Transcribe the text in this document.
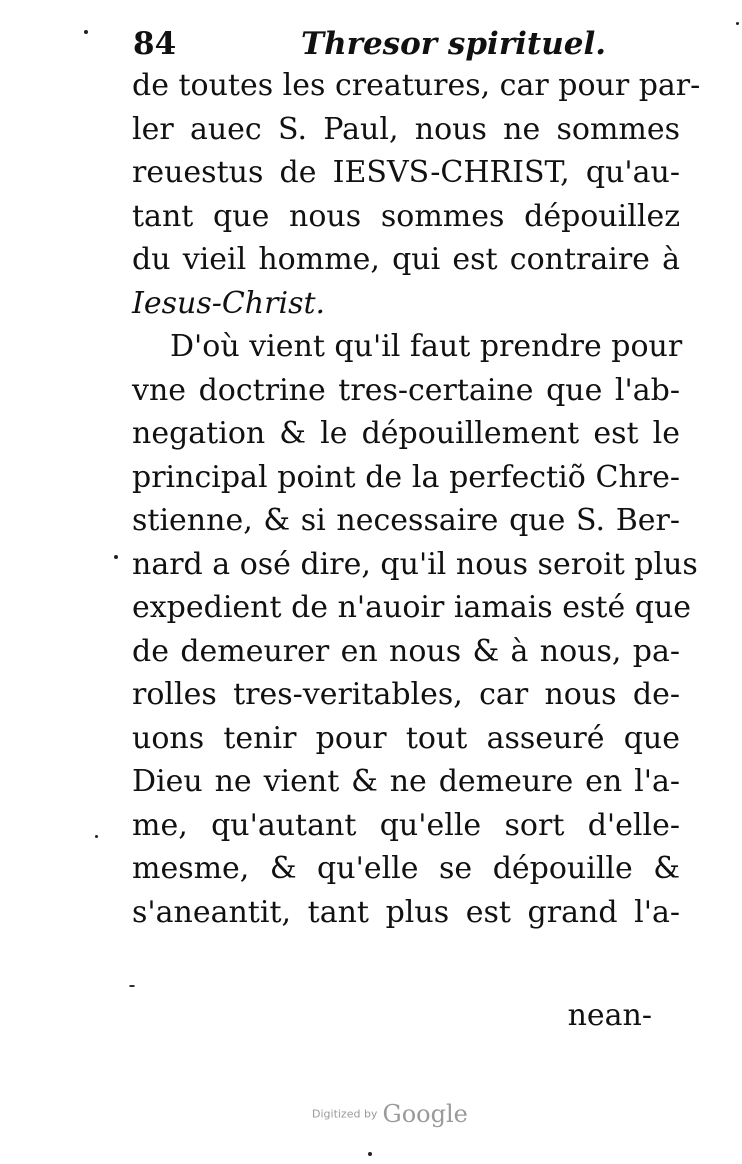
84	Thresor spirituel.
de toutes les creatures, car pour par-
ler auec S. Paul, nous ne sommes
reuestus de IESVS-CHRIST, qu'au-
tant que nous sommes dépouillez
du vieil homme, qui est contraire à
Iesus-Christ.
D'où vient qu'il faut prendre pour
vne doctrine tres-certaine que l'ab-
negation & le dépouillement est le
principal point de la perfectiõ Chre-
stienne, & si necessaire que S. Ber-
nard a osé dire, qu'il nous seroit plus
expedient de n'auoir iamais esté que
de demeurer en nous & à nous, pa-
rolles tres-veritables, car nous de-
uons tenir pour tout asseuré que
Dieu ne vient & ne demeure en l'a-
me, qu'autant qu'elle sort d'elle-
mesme, & qu'elle se dépouille &
s'aneantit, tant plus est grand l'a-
nean-
Digitized by Google
